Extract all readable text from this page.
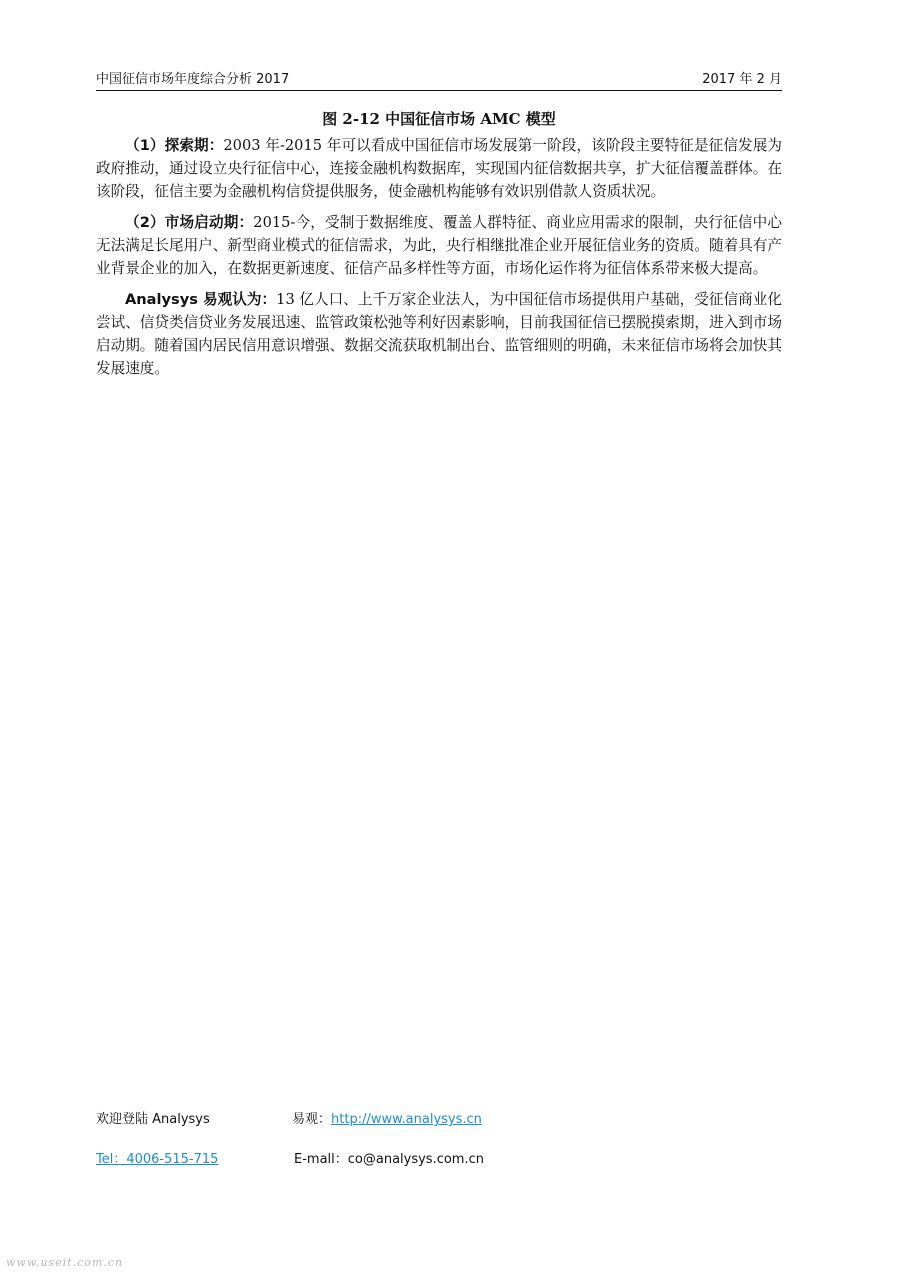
中国征信市场年度综合分析 2017	2017 年 2 月
图 2-12 中国征信市场 AMC 模型

（1）探索期：2003 年-2015 年可以看成中国征信市场发展第一阶段，该阶段主要特征是征信发展为政府推动，通过设立央行征信中心，连接金融机构数据库，实现国内征信数据共享，扩大征信覆盖群体。在该阶段，征信主要为金融机构信贷提供服务，使金融机构能够有效识别借款人资质状况。

（2）市场启动期：2015-今，受制于数据维度、覆盖人群特征、商业应用需求的限制，央行征信中心无法满足长尾用户、新型商业模式的征信需求，为此，央行相继批准企业开展征信业务的资质。随着具有产业背景企业的加入，在数据更新速度、征信产品多样性等方面，市场化运作将为征信体系带来极大提高。

Analysys 易观认为：13 亿人口、上千万家企业法人，为中国征信市场提供用户基础，受征信商业化尝试、信贷类信贷业务发展迅速、监管政策松弛等利好因素影响，目前我国征信已摆脱摸索期，进入到市场启动期。随着国内居民信用意识增强、数据交流获取机制出台、监管细则的明确，未来征信市场将会加快其发展速度。

欢迎登陆 Analysys	易观：http://www.analysys.cn
Tel：4006-515-715	E-mall：co@analysys.com.cn
www.useit.com.cn
